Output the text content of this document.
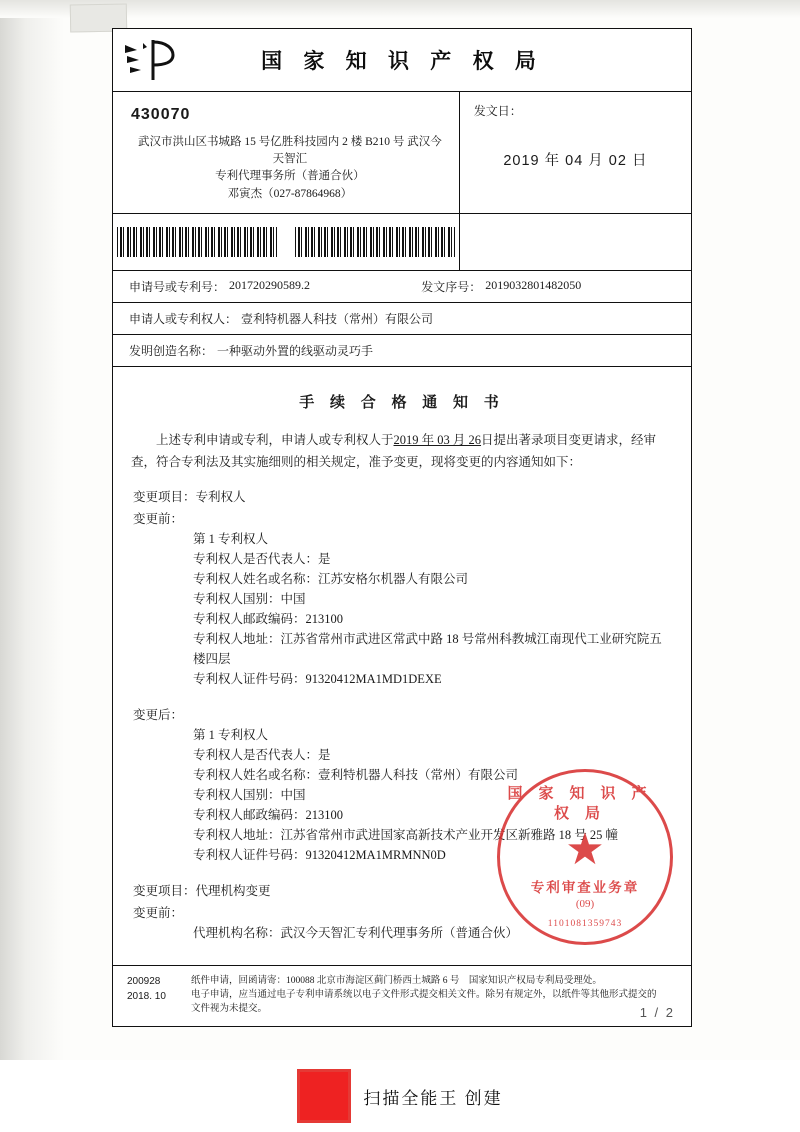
国 家 知 识 产 权 局
430070
武汉市洪山区书城路 15 号亿胜科技园内 2 楼 B210 号 武汉今天智汇
专利代理事务所（普通合伙）
邓寅杰（027‑87864968）
发文日：
2019 年 04 月 02 日
申请号或专利号： 201720290589.2	发文序号： 2019032801482050
申请人或专利权人： 壹利特机器人科技（常州）有限公司
发明创造名称： 一种驱动外置的线驱动灵巧手
手 续 合 格 通 知 书
上述专利申请或专利，申请人或专利权人于2019 年 03 月 26日提出著录项目变更请求，经审查，符合专利法及其实施细则的相关规定，准予变更，现将变更的内容通知如下：
变更项目：专利权人
变更前：
第 1 专利权人
专利权人是否代表人：是
专利权人姓名或名称：江苏安格尔机器人有限公司
专利权人国别：中国
专利权人邮政编码：213100
专利权人地址：江苏省常州市武进区常武中路 18 号常州科教城江南现代工业研究院五楼四层
专利权人证件号码：91320412MA1MD1DEXE
变更后：
第 1 专利权人
专利权人是否代表人：是
专利权人姓名或名称：壹利特机器人科技（常州）有限公司
专利权人国别：中国
专利权人邮政编码：213100
专利权人地址：江苏省常州市武进国家高新技术产业开发区新雅路 18 号 25 幢
专利权人证件号码：91320412MA1MRMNN0D
变更项目：代理机构变更
变更前：
代理机构名称：武汉今天智汇专利代理事务所（普通合伙）
国家知识产权局
★
专利审查业务章
(09)
1101081359743
200928
2018. 10
纸件申请，回函请寄：100088 北京市海淀区蓟门桥西土城路 6 号　国家知识产权局专利局受理处。
电子申请，应当通过电子专利申请系统以电子文件形式提交相关文件。除另有规定外，以纸件等其他形式提交的
文件视为未提交。	1 / 2
扫描全能王 创建
